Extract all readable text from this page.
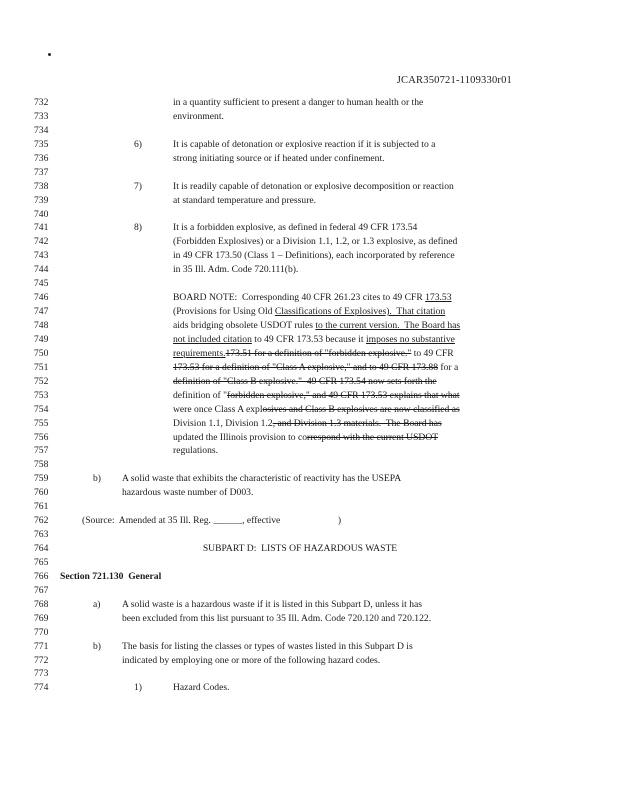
JCAR350721-1109330r01
732	in a quantity sufficient to present a danger to human health or the
733	environment.
734
735	6)	It is capable of detonation or explosive reaction if it is subjected to a
736	strong initiating source or if heated under confinement.
737
738	7)	It is readily capable of detonation or explosive decomposition or reaction
739	at standard temperature and pressure.
740
741	8)	It is a forbidden explosive, as defined in federal 49 CFR 173.54
742	(Forbidden Explosives) or a Division 1.1, 1.2, or 1.3 explosive, as defined
743	in 49 CFR 173.50 (Class 1 – Definitions), each incorporated by reference
744	in 35 Ill. Adm. Code 720.111(b).
745
746	BOARD NOTE:  Corresponding 40 CFR 261.23 cites to 49 CFR 173.53
747	(Provisions for Using Old Classifications of Explosives).  That citation
748	aids bridging obsolete USDOT rules to the current version.  The Board has
749	not included citation to 49 CFR 173.53 because it imposes no substantive
750	requirements.173.51 for a definition of "forbidden explosive." to 49 CFR
751	173.53 for a definition of "Class A explosive," and to 49 CFR 173.88 for a
752	definition of "Class B explosive."  49 CFR 173.54 now sets forth the
753	definition of "forbidden explosive," and 49 CFR 173.53 explains that what
754	were once Class A explosives and Class B explosives are now classified as
755	Division 1.1, Division 1.2, and Division 1.3 materials.  The Board has
756	updated the Illinois provision to correspond with the current USDOT
757	regulations.
758
759	b) A solid waste that exhibits the characteristic of reactivity has the USEPA
760	hazardous waste number of D003.
761
762	(Source:  Amended at 35 Ill. Reg. ______, effective                        )
763
764	SUBPART D:  LISTS OF HAZARDOUS WASTE
765
766 Section 721.130  General
767
768	a) A solid waste is a hazardous waste if it is listed in this Subpart D, unless it has
769	been excluded from this list pursuant to 35 Ill. Adm. Code 720.120 and 720.122.
770
771	b) The basis for listing the classes or types of wastes listed in this Subpart D is
772	indicated by employing one or more of the following hazard codes.
773
774	1)	Hazard Codes.
